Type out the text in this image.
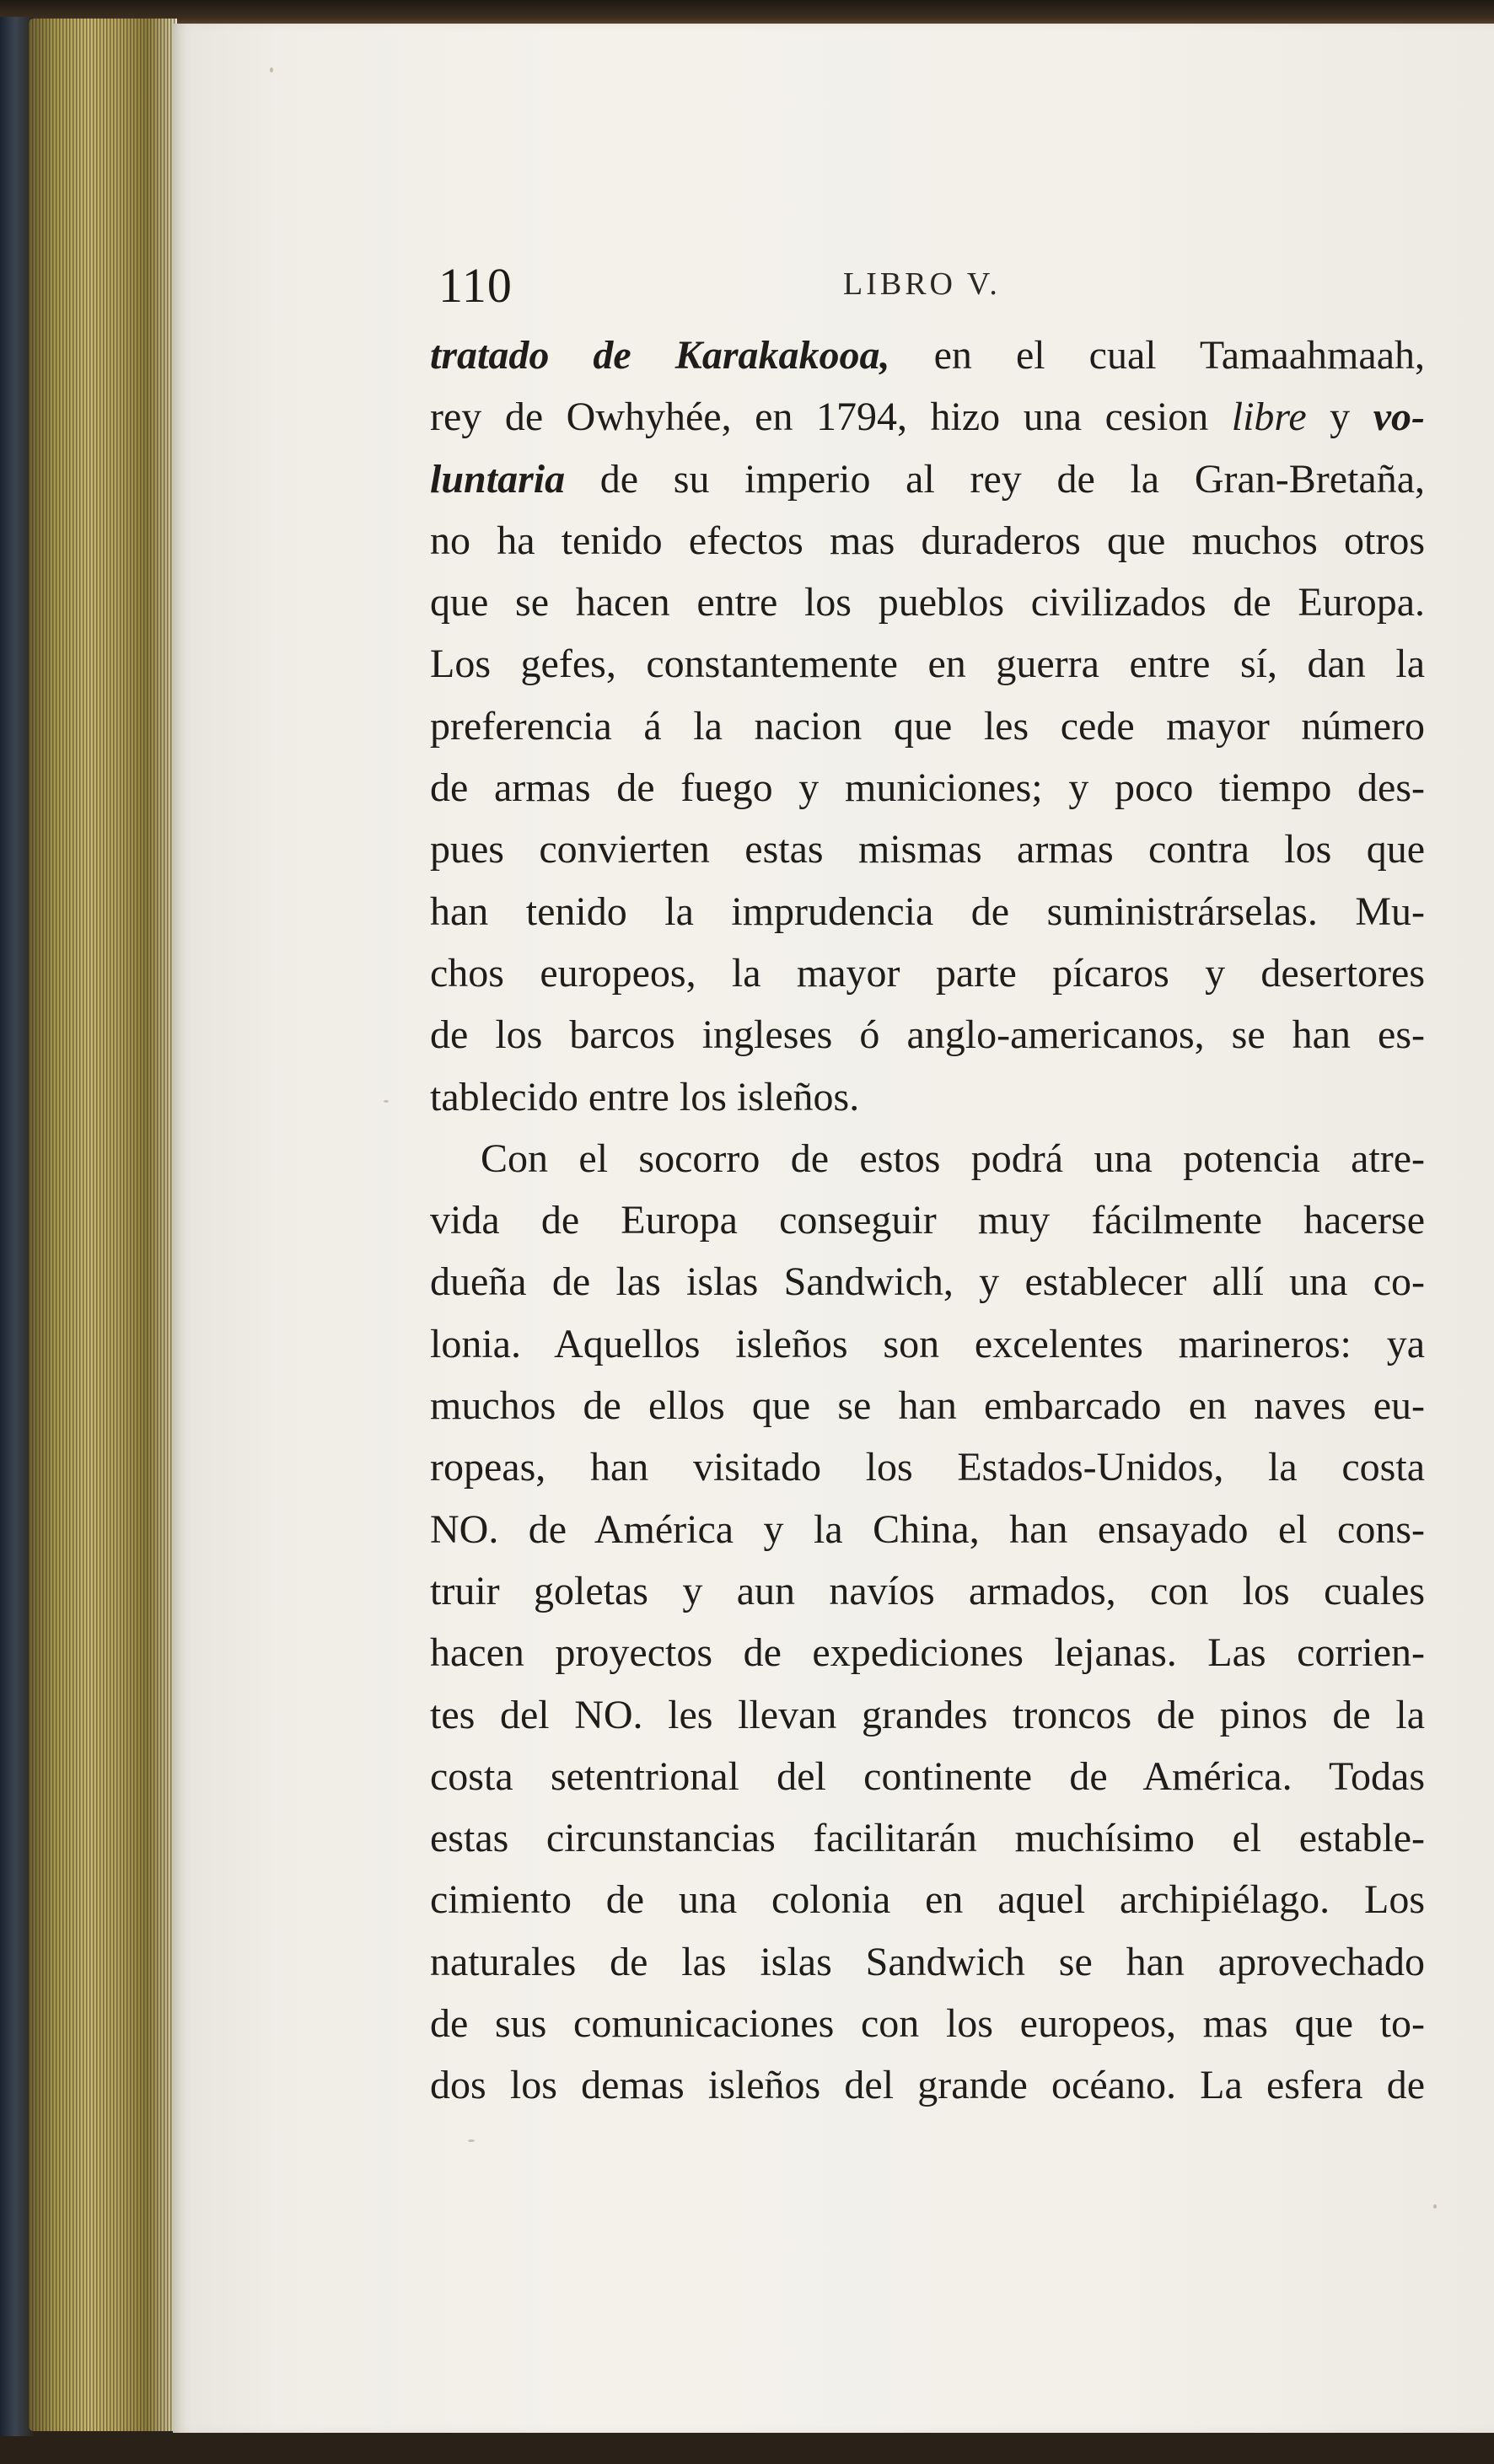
110	LIBRO V.
tratado de Karakakooa, en el cual Tamaahmaah,
rey de Owhyhée, en 1794, hizo una cesion libre y vo-
luntaria de su imperio al rey de la Gran-Bretaña,
no ha tenido efectos mas duraderos que muchos otros
que se hacen entre los pueblos civilizados de Europa.
Los gefes, constantemente en guerra entre sí, dan la
preferencia á la nacion que les cede mayor número
de armas de fuego y municiones; y poco tiempo des-
pues convierten estas mismas armas contra los que
han tenido la imprudencia de suministrárselas. Mu-
chos europeos, la mayor parte pícaros y desertores
de los barcos ingleses ó anglo-americanos, se han es-
tablecido entre los isleños.
Con el socorro de estos podrá una potencia atre-
vida de Europa conseguir muy fácilmente hacerse
dueña de las islas Sandwich, y establecer allí una co-
lonia. Aquellos isleños son excelentes marineros: ya
muchos de ellos que se han embarcado en naves eu-
ropeas, han visitado los Estados-Unidos, la costa
NO. de América y la China, han ensayado el cons-
truir goletas y aun navíos armados, con los cuales
hacen proyectos de expediciones lejanas. Las corrien-
tes del NO. les llevan grandes troncos de pinos de la
costa setentrional del continente de América. Todas
estas circunstancias facilitarán muchísimo el estable-
cimiento de una colonia en aquel archipiélago. Los
naturales de las islas Sandwich se han aprovechado
de sus comunicaciones con los europeos, mas que to-
dos los demas isleños del grande océano. La esfera de
